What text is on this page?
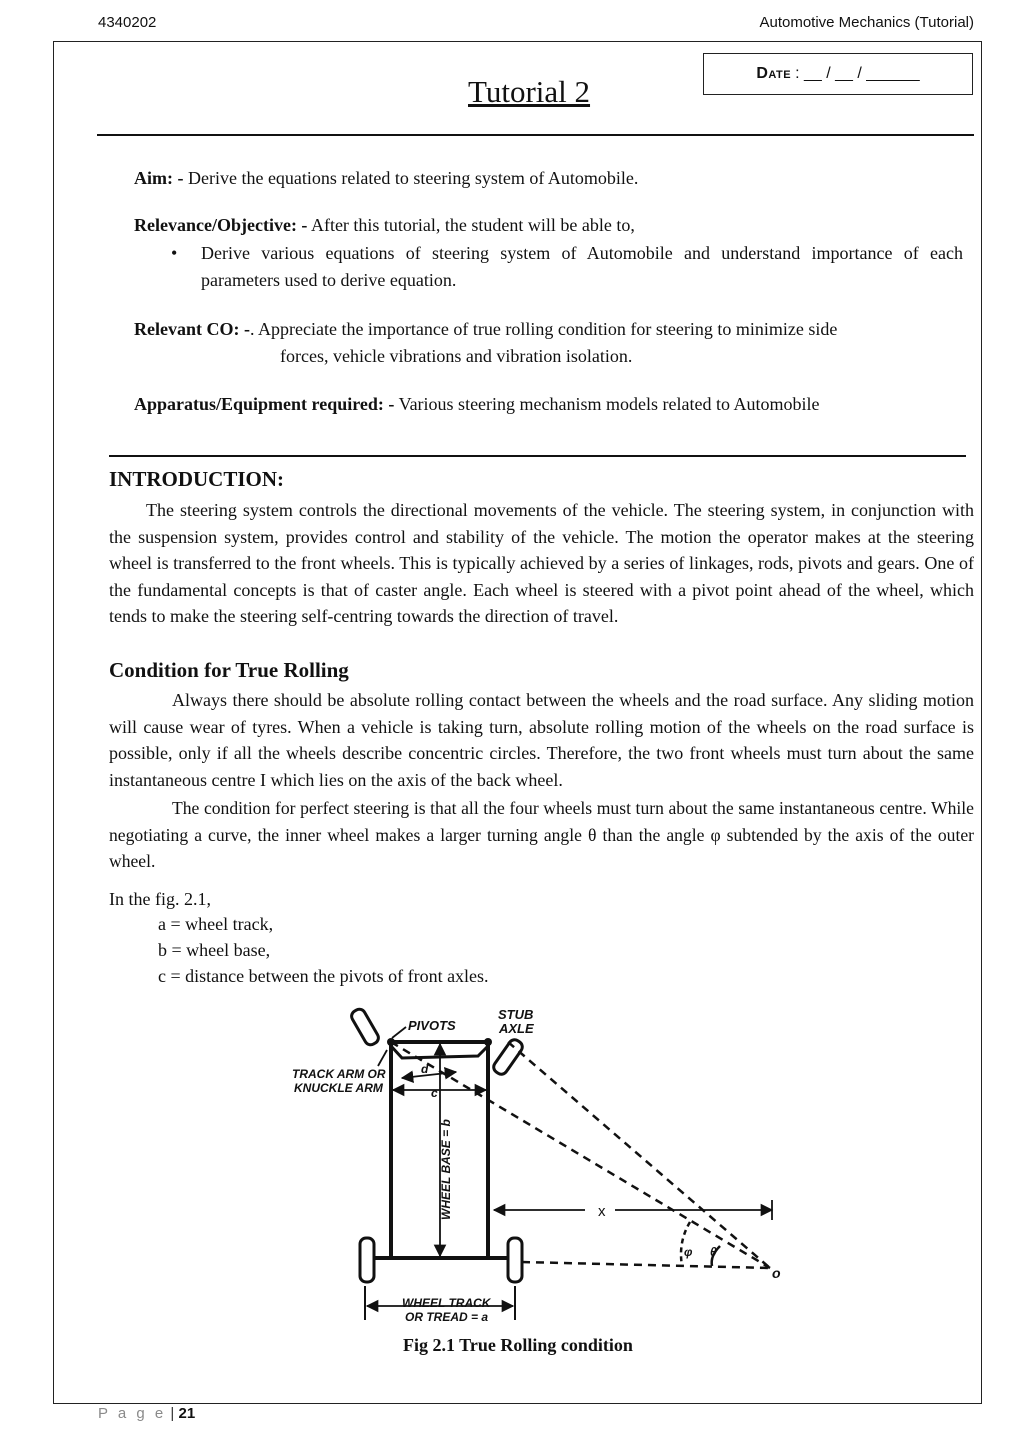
4340202	Automotive Mechanics (Tutorial)
Date : __ / __ / ______
Tutorial 2
Aim: - Derive the equations related to steering system of Automobile.
Relevance/Objective: - After this tutorial, the student will be able to,
• Derive various equations of steering system of Automobile and understand importance of each parameters used to derive equation.
Relevant CO: -. Appreciate the importance of true rolling condition for steering to minimize side
forces, vehicle vibrations and vibration isolation.
Apparatus/Equipment required: - Various steering mechanism models related to Automobile
INTRODUCTION:
The steering system controls the directional movements of the vehicle. The steering system, in conjunction with the suspension system, provides control and stability of the vehicle. The motion the operator makes at the steering wheel is transferred to the front wheels. This is typically achieved by a series of linkages, rods, pivots and gears. One of the fundamental concepts is that of caster angle. Each wheel is steered with a pivot point ahead of the wheel, which tends to make the steering self-centring towards the direction of travel.
Condition for True Rolling
Always there should be absolute rolling contact between the wheels and the road surface. Any sliding motion will cause wear of tyres. When a vehicle is taking turn, absolute rolling motion of the wheels on the road surface is possible, only if all the wheels describe concentric circles. Therefore, the two front wheels must turn about the same instantaneous centre I which lies on the axis of the back wheel.
The condition for perfect steering is that all the four wheels must turn about the same instantaneous centre. While negotiating a curve, the inner wheel makes a larger turning angle θ than the angle φ subtended by the axis of the outer wheel.
In the fig. 2.1,
a = wheel track,
b = wheel base,
c = distance between the pivots of front axles.
PIVOTS
STUB
AXLE
TRACK ARM OR
KNUCKLE ARM
d
c
WHEEL BASE = b	x
φ θ
o
WHEEL TRACK
OR TREAD = a
Fig 2.1 True Rolling condition
P a g e | 21
